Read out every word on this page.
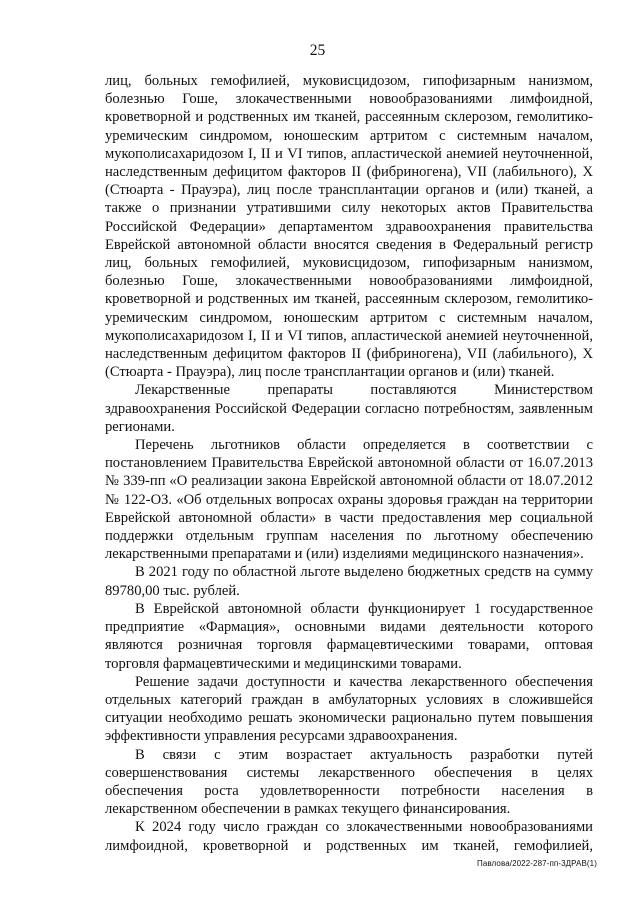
25

лиц, больных гемофилией, муковисцидозом, гипофизарным нанизмом, болезнью Гоше, злокачественными новообразованиями лимфоидной, кроветворной и родственных им тканей, рассеянным склерозом, гемолитико-уремическим синдромом, юношеским артритом с системным началом, мукополисахаридозом I, II и VI типов, апластической анемией неуточненной, наследственным дефицитом факторов II (фибриногена), VII (лабильного), X (Стюарта - Прауэра), лиц после трансплантации органов и (или) тканей, а также о признании утратившими силу некоторых актов Правительства Российской Федерации» департаментом здравоохранения правительства Еврейской автономной области вносятся сведения в Федеральный регистр лиц, больных гемофилией, муковисцидозом, гипофизарным нанизмом, болезнью Гоше, злокачественными новообразованиями лимфоидной, кроветворной и родственных им тканей, рассеянным склерозом, гемолитико-уремическим синдромом, юношеским артритом с системным началом, мукополисахаридозом I, II и VI типов, апластической анемией неуточненной, наследственным дефицитом факторов II (фибриногена), VII (лабильного), X (Стюарта - Прауэра), лиц после трансплантации органов и (или) тканей.

Лекарственные препараты поставляются Министерством здравоохранения Российской Федерации согласно потребностям, заявленным регионами.

Перечень льготников области определяется в соответствии с постановлением Правительства Еврейской автономной области от 16.07.2013 № 339-пп «О реализации закона Еврейской автономной области от 18.07.2012 № 122-ОЗ. «Об отдельных вопросах охраны здоровья граждан на территории Еврейской автономной области» в части предоставления мер социальной поддержки отдельным группам населения по льготному обеспечению лекарственными препаратами и (или) изделиями медицинского назначения».

В 2021 году по областной льготе выделено бюджетных средств на сумму 89780,00 тыс. рублей.

В Еврейской автономной области функционирует 1 государственное предприятие «Фармация», основными видами деятельности которого являются розничная торговля фармацевтическими товарами, оптовая торговля фармацевтическими и медицинскими товарами.

Решение задачи доступности и качества лекарственного обеспечения отдельных категорий граждан в амбулаторных условиях в сложившейся ситуации необходимо решать экономически рационально путем повышения эффективности управления ресурсами здравоохранения.

В связи с этим возрастает актуальность разработки путей совершенствования системы лекарственного обеспечения в целях обеспечения роста удовлетворенности потребности населения в лекарственном обеспечении в рамках текущего финансирования.

К 2024 году число граждан со злокачественными новообразованиями лимфоидной, кроветворной и родственных им тканей, гемофилией,

Павлова/2022-287-пп-3ДРАВ(1)
